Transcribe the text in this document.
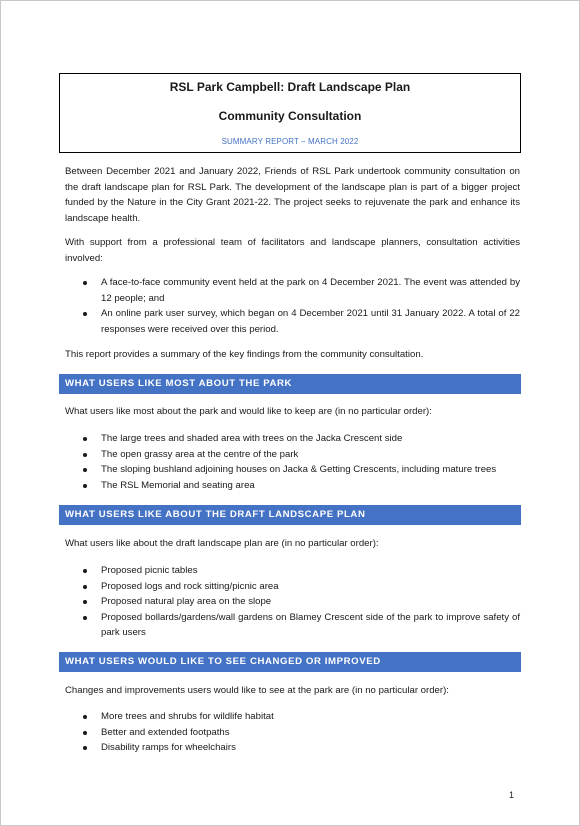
RSL Park Campbell: Draft Landscape Plan
Community Consultation
SUMMARY REPORT – MARCH 2022

Between December 2021 and January 2022, Friends of RSL Park undertook community consultation on the draft landscape plan for RSL Park. The development of the landscape plan is part of a bigger project funded by the Nature in the City Grant 2021-22. The project seeks to rejuvenate the park and enhance its landscape health.

With support from a professional team of facilitators and landscape planners, consultation activities involved:

A face-to-face community event held at the park on 4 December 2021. The event was attended by 12 people; and
An online park user survey, which began on 4 December 2021 until 31 January 2022. A total of 22 responses were received over this period.

This report provides a summary of the key findings from the community consultation.

WHAT USERS LIKE MOST ABOUT THE PARK

What users like most about the park and would like to keep are (in no particular order):

The large trees and shaded area with trees on the Jacka Crescent side
The open grassy area at the centre of the park
The sloping bushland adjoining houses on Jacka & Getting Crescents, including mature trees
The RSL Memorial and seating area
WHAT USERS LIKE ABOUT THE DRAFT LANDSCAPE PLAN

What users like about the draft landscape plan are (in no particular order):

Proposed picnic tables
Proposed logs and rock sitting/picnic area
Proposed natural play area on the slope
Proposed bollards/gardens/wall gardens on Blamey Crescent side of the park to improve safety of park users
WHAT USERS WOULD LIKE TO SEE CHANGED OR IMPROVED

Changes and improvements users would like to see at the park are (in no particular order):

More trees and shrubs for wildlife habitat
Better and extended footpaths
Disability ramps for wheelchairs
1
